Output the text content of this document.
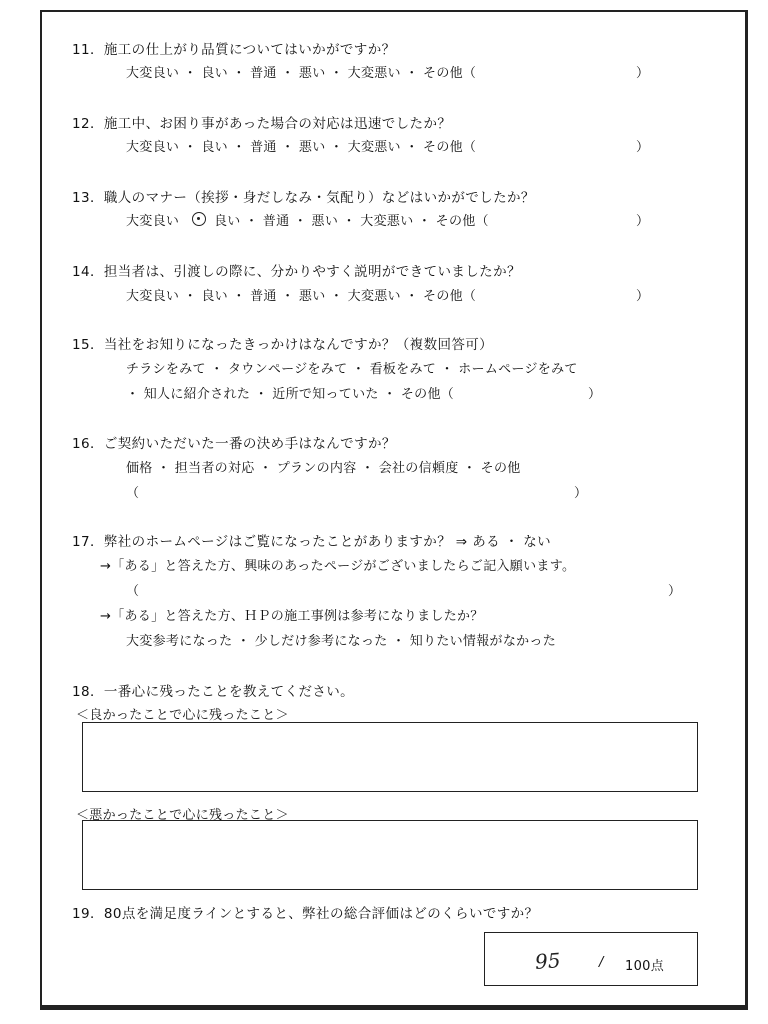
11．施工の仕上がり品質についてはいかがですか？
大変良い ・ 良い ・ 普通 ・ 悪い ・ 大変悪い ・ その他（	）
12．施工中、お困り事があった場合の対応は迅速でしたか？
大変良い ・ 良い ・ 普通 ・ 悪い ・ 大変悪い ・ その他（	）
13．職人のマナー（挨拶・身だしなみ・気配り）などはいかがでしたか？
大変良い	良い ・ 普通 ・ 悪い ・ 大変悪い ・ その他（	）
14．担当者は、引渡しの際に、分かりやすく説明ができていましたか？
大変良い ・ 良い ・ 普通 ・ 悪い ・ 大変悪い ・ その他（	）
15．当社をお知りになったきっかけはなんですか？（複数回答可）
チラシをみて ・ タウンページをみて ・ 看板をみて ・ ホームページをみて
・ 知人に紹介された ・ 近所で知っていた ・ その他（	）
16．ご契約いただいた一番の決め手はなんですか？
価格 ・ 担当者の対応 ・ プランの内容 ・ 会社の信頼度 ・ その他
（	）
17．弊社のホームページはご覧になったことがありますか？ ⇒ ある ・ ない
→「ある」と答えた方、興味のあったページがございましたらご記入願います。
（	）
→「ある」と答えた方、ＨＰの施工事例は参考になりましたか？
大変参考になった ・ 少しだけ参考になった ・ 知りたい情報がなかった
18．一番心に残ったことを教えてください。
＜良かったことで心に残ったこと＞
＜悪かったことで心に残ったこと＞
19．80点を満足度ラインとすると、弊社の総合評価はどのくらいですか？
95	/ 100点
